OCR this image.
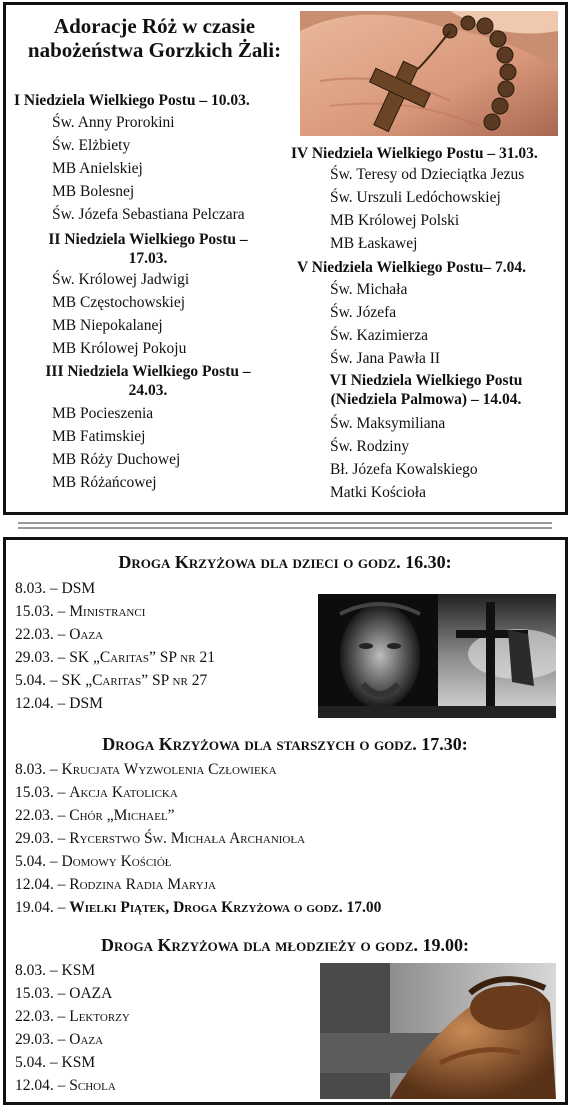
Adoracje Róż w czasie
nabożeństwa Gorzkich Żali:
I Niedziela Wielkiego Postu – 10.03.
Św. Anny Prorokini
Św. Elżbiety
MB Anielskiej
MB Bolesnej
Św. Józefa Sebastiana Pelczara
II Niedziela Wielkiego Postu –
17.03.
Św. Królowej Jadwigi
MB Częstochowskiej
MB Niepokalanej
MB Królowej Pokoju
III Niedziela Wielkiego Postu –
24.03.
MB Pocieszenia
MB Fatimskiej
MB Róży Duchowej
MB Różańcowej
IV Niedziela Wielkiego Postu – 31.03.
Św. Teresy od Dzieciątka Jezus
Św. Urszuli Ledóchowskiej
MB Królowej Polski
MB Łaskawej
V Niedziela Wielkiego Postu– 7.04.
Św. Michała
Św. Józefa
Św. Kazimierza
Św. Jana Pawła II
VI Niedziela Wielkiego Postu
(Niedziela Palmowa) – 14.04.
Św. Maksymiliana
Św. Rodziny
Bł. Józefa Kowalskiego
Matki Kościoła
Droga Krzyżowa dla dzieci o godz. 16.30:
8.03. – DSM
15.03. – Ministranci
22.03. – Oaza
29.03. – SK „Caritas” SP nr 21
5.04. – SK „Caritas” SP nr 27
12.04. – DSM
Droga Krzyżowa dla starszych o godz. 17.30:
8.03. – Krucjata Wyzwolenia Człowieka
15.03. – Akcja Katolicka
22.03. – Chór „Michael”
29.03. – Rycerstwo Św. Michała Archanioła
5.04. – Domowy Kościół
12.04. – Rodzina Radia Maryja
19.04. – Wielki Piątek, Droga Krzyżowa o godz. 17.00
Droga Krzyżowa dla młodzieży o godz. 19.00:
8.03. – KSM
15.03. – OAZA
22.03. – Lektorzy
29.03. – Oaza
5.04. – KSM
12.04. – Schola
